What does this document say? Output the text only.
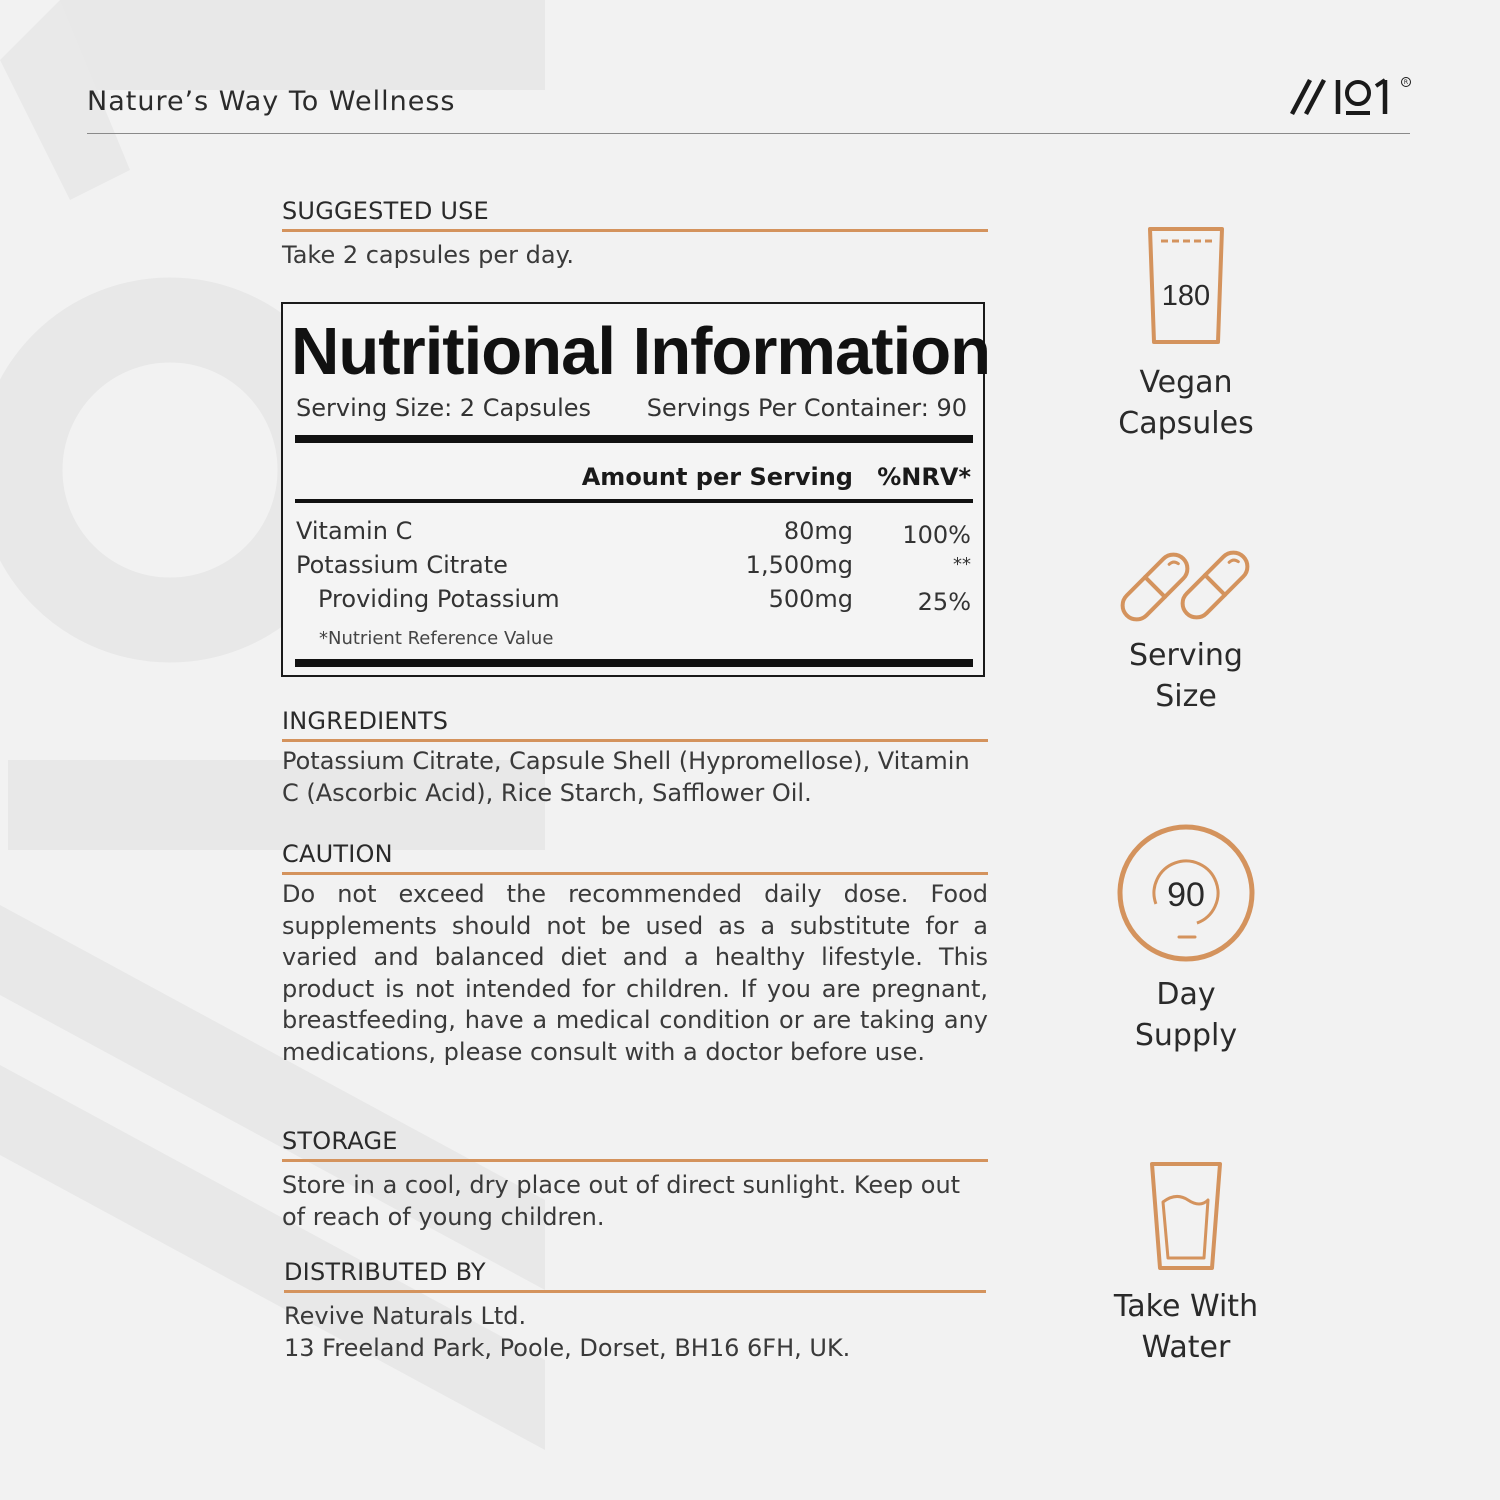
Nature’s Way To Wellness
R
SUGGESTED USE
Take 2 capsules per day.
Nutritional Information
Serving Size: 2 Capsules Servings Per Container: 90
Amount per Serving %NRV*
Vitamin C	80mg 100%
Potassium Citrate	1,500mg	**
Providing Potassium	500mg	25%
*Nutrient Reference Value
INGREDIENTS
Potassium Citrate, Capsule Shell (Hypromellose), Vitamin C (Ascorbic Acid), Rice Starch, Safflower Oil.
CAUTION
Do not exceed the recommended daily dose. Food supplements should not be used as a substitute for a varied and balanced diet and a healthy lifestyle. This product is not intended for children. If you are pregnant, breastfeeding, have a medical condition or are taking any medications, please consult with a doctor before use.
STORAGE
Store in a cool, dry place out of direct sunlight. Keep out of reach of young children.
DISTRIBUTED BY
Revive Naturals Ltd.
13 Freeland Park, Poole, Dorset, BH16 6FH, UK.
180
Vegan
Capsules
Serving
Size
90
Day
Supply
Take With
Water
